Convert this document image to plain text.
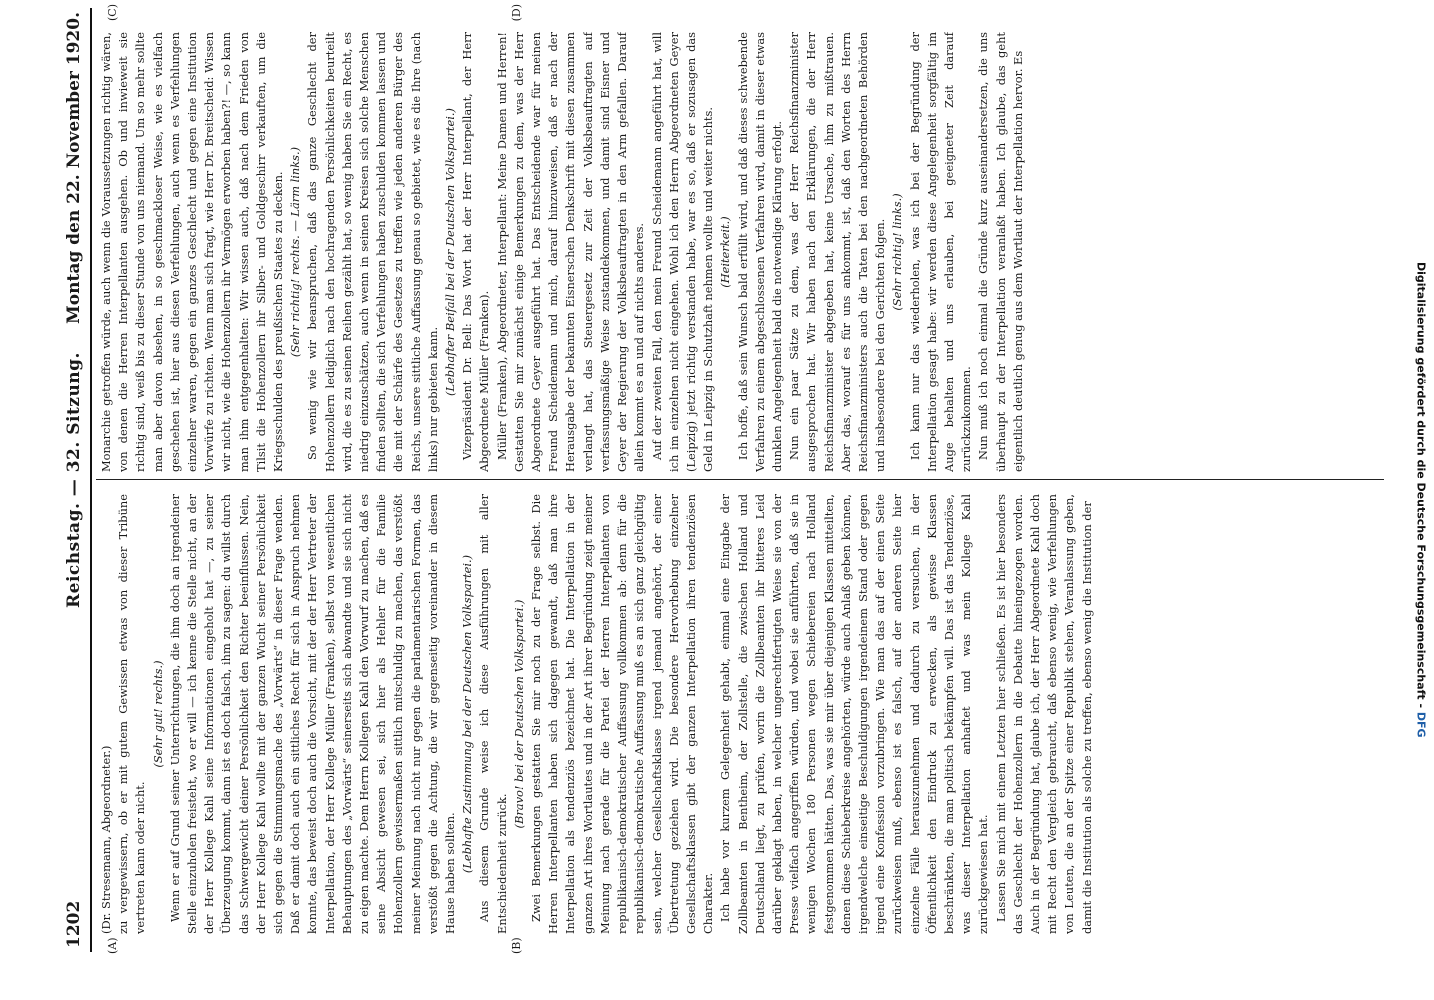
1202
Reichstag. — 32. Sitzung.
Montag den 22. November 1920.
(A)	(B)
(C)	(D)

(Dr. Stresemann, Abgeordneter.) zu vergewissern, ob er mit gutem Gewissen etwas von dieser Tribüne vertreten kann oder nicht.

(Sehr gut! rechts.) Wenn er auf Grund seiner Unterrichtungen, die ihm doch an irgendeiner Stelle einzuholen freisteht, wo er will — ich kenne die Stelle nicht, an der der Herr Kollege Kahl seine Informationen eingeholt hat —, zu seiner Überzeugung kommt, dann ist es doch falsch, ihm zu sagen: du willst durch das Schwergewicht deiner Persönlichkeit den Richter beeinflussen. Nein, der Herr Kollege Kahl wollte mit der ganzen Wucht seiner Persönlichkeit sich gegen die Stimmungsmache des „Vorwärts“ in dieser Frage wenden. Daß er damit doch auch ein sittliches Recht für sich in Anspruch nehmen konnte, das beweist doch auch die Vorsicht, mit der der Herr Vertreter der Interpellation, der Herr Kollege Müller (Franken), selbst von wesentlichen Behauptungen des „Vorwärts“ seinerseits sich abwandte und sie sich nicht zu eigen machte. Dem Herrn Kollegen Kahl den Vorwurf zu machen, daß es seine Absicht gewesen sei, sich hier als Hehler für die Familie Hohenzollern gewissermaßen sittlich mitschuldig zu machen, das verstößt meiner Meinung nach nicht nur gegen die parlamentarischen Formen, das verstößt gegen die Achtung, die wir gegenseitig voreinander in diesem Hause haben sollten.

(Lebhafte Zustimmung bei der Deutschen Volkspartei.) Aus diesem Grunde weise ich diese Ausführungen mit aller Entschiedenheit zurück.

(Bravo! bei der Deutschen Volkspartei.) Zwei Bemerkungen gestatten Sie mir noch zu der Frage selbst. Die Herren Interpellanten haben sich dagegen gewandt, daß man ihre Interpellation als tendenziös bezeichnet hat. Die Interpellation in der ganzen Art ihres Wortlautes und in der Art ihrer Begründung zeigt meiner Meinung nach gerade für die Partei der Herren Interpellanten von republikanisch-demokratischer Auffassung vollkommen ab: denn für die republikanisch-demokratische Auffassung muß es an sich ganz gleichgültig sein, welcher Gesellschaftsklasse irgend jemand angehört, der einer Übertretung geziehen wird. Die besondere Hervorhebung einzelner Gesellschaftsklassen gibt der ganzen Interpellation ihren tendenziösen Charakter. Ich habe vor kurzem Gelegenheit gehabt, einmal eine Eingabe der Zollbeamten in Bentheim, der Zollstelle, die zwischen Holland und Deutschland liegt, zu prüfen, worin die Zollbeamten ihr bitteres Leid darüber geklagt haben, in welcher ungerechtfertigten Weise sie von der Presse vielfach angegriffen würden, und wobei sie anführten, daß sie in wenigen Wochen 180 Personen wegen Schiebereien nach Holland festgenommen hätten. Das, was sie mir über diejenigen Klassen mitteilten, denen diese Schieberkreise angehörten, würde auch Anlaß geben können, irgendwelche einseitige Beschuldigungen irgendeinem Stand oder gegen irgend eine Konfession vorzubringen. Wie man das auf der einen Seite zurückweisen muß, ebenso ist es falsch, auf der anderen Seite hier einzelne Fälle herauszunehmen und dadurch zu versuchen, in der Öffentlichkeit den Eindruck zu erwecken, als gewisse Klassen beschränkten, die man politisch bekämpfen will. Das ist das Tendenziöse, was dieser Interpellation anhaftet und was mein Kollege Kahl zurückgewiesen hat. Lassen Sie mich mit einem Letzten hier schließen. Es ist hier besonders das Geschlecht der Hohenzollern in die Debatte hineingezogen worden. Auch in der Begründung hat, glaube ich, der Herr Abgeordnete Kahl doch mit Recht den Vergleich gebraucht, daß ebenso wenig, wie Verfehlungen von Leuten, die an der Spitze einer Republik stehen, Veranlassung geben, damit die Institution als solche zu treffen, ebenso wenig die Institution der

Monarchie getroffen würde, auch wenn die Voraussetzungen richtig wären, von denen die Herren Interpellanten ausgehen. Ob und inwieweit sie richtig sind, weiß bis zu dieser Stunde von uns niemand. Um so mehr sollte man aber davon absehen, in so geschmackloser Weise, wie es vielfach geschehen ist, hier aus diesen Verfehlungen, auch wenn es Verfehlungen einzelner waren, gegen ein ganzes Geschlecht und gegen eine Institution Vorwürfe zu richten. Wenn man sich fragt, wie Herr Dr. Breitscheid: Wissen wir nicht, wie die Hohenzollern ihr Vermögen erworben haben?! —, so kann man ihm entgegenhalten: Wir wissen auch, daß nach dem Frieden von Tilsit die Hohenzollern ihr Silber- und Goldgeschirr verkauften, um die Kriegsschulden des preußischen Staates zu decken. (Sehr richtig! rechts. — Lärm links.) So wenig wie wir beanspruchen, daß das ganze Geschlecht der Hohenzollern lediglich nach den hochragenden Persönlichkeiten beurteilt wird, die es zu seinen Reihen gezählt hat, so wenig haben Sie ein Recht, es niedrig einzuschätzen, auch wenn in seinen Kreisen sich solche Menschen finden sollten, die sich Verfehlungen haben zuschulden kommen lassen und die mit der Schärfe des Gesetzes zu treffen wie jeden anderen Bürger des Reichs, unsere sittliche Auffassung genau so gebietet, wie es die Ihre (nach links) nur gebieten kann.

(Lebhafter Beifall bei der Deutschen Volkspartei.) Vizepräsident Dr. Bell: Das Wort hat der Herr Interpellant, der Herr Abgeordnete Müller (Franken). Müller (Franken), Abgeordneter, Interpellant: Meine Damen und Herren! Gestatten Sie mir zunächst einige Bemerkungen zu dem, was der Herr Abgeordnete Geyer ausgeführt hat. Das Entscheidende war für meinen Freund Scheidemann und mich, darauf hinzuweisen, daß er nach der Herausgabe der bekannten Eisnerschen Denkschrift mit diesen zusammen verlangt hat, das Steuergesetz zur Zeit der Volksbeauftragten auf verfassungsmäßige Weise zustandekommen, und damit sind Eisner und Geyer der Regierung der Volksbeauftragten in den Arm gefallen. Darauf allein kommt es an und auf nichts anderes. Auf der zweiten Fall, den mein Freund Scheidemann angeführt hat, will ich im einzelnen nicht eingehen. Wohl ich den Herrn Abgeordneten Geyer (Leipzig) jetzt richtig verstanden habe, war es so, daß er sozusagen das Geld in Leipzig in Schutzhaft nehmen wollte und weiter nichts. (Heiterkeit.) Ich hoffe, daß sein Wunsch bald erfüllt wird, und daß dieses schwebende Verfahren zu einem abgeschlossenen Verfahren wird, damit in dieser etwas dunklen Angelegenheit bald die notwendige Klärung erfolgt. Nun ein paar Sätze zu dem, was der Herr Reichsfinanzminister ausgesprochen hat. Wir haben nach den Erklärungen, die der Herr Reichsfinanzminister abgegeben hat, keine Ursache, ihm zu mißtrauen. Aber das, worauf es für uns ankommt, ist, daß den Worten des Herrn Reichsfinanzministers auch die Taten bei den nachgeordneten Behörden und insbesondere bei den Gerichten folgen. (Sehr richtig! links.) Ich kann nur das wiederholen, was ich bei der Begründung der Interpellation gesagt habe: wir werden diese Angelegenheit sorgfältig im Auge behalten und uns erlauben, bei geeigneter Zeit darauf zurückzukommen. Nun muß ich noch einmal die Gründe kurz auseinandersetzen, die uns überhaupt zu der Interpellation veranlaßt haben. Ich glaube, das geht eigentlich deutlich genug aus dem Wortlaut der Interpellation hervor. Es

Digitalisierung gefördert durch die Deutsche Forschungsgemeinschaft - DFG
